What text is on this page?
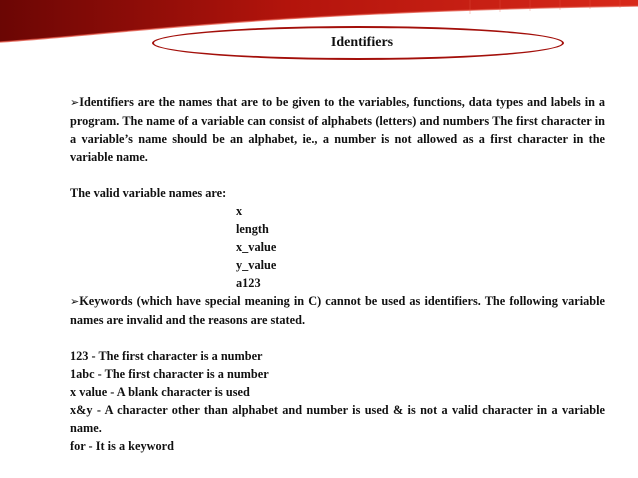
Identifiers

➢Identifiers are the names that are to be given to the variables, functions, data types and labels in a program. The name of a variable can consist of alphabets (letters) and numbers The first character in a variable’s name should be an alphabet, ie., a number is not allowed as a first character in the variable name.

The valid variable names are:

x

length

x_value

y_value

a123

➢Keywords (which have special meaning in C) cannot be used as identifiers. The following variable names are invalid and the reasons are stated.

123 - The first character is a number

1abc - The first character is a number

x value - A blank character is used

x&y - A character other than alphabet and number is used & is not a valid character in a variable name.

for - It is a keyword
